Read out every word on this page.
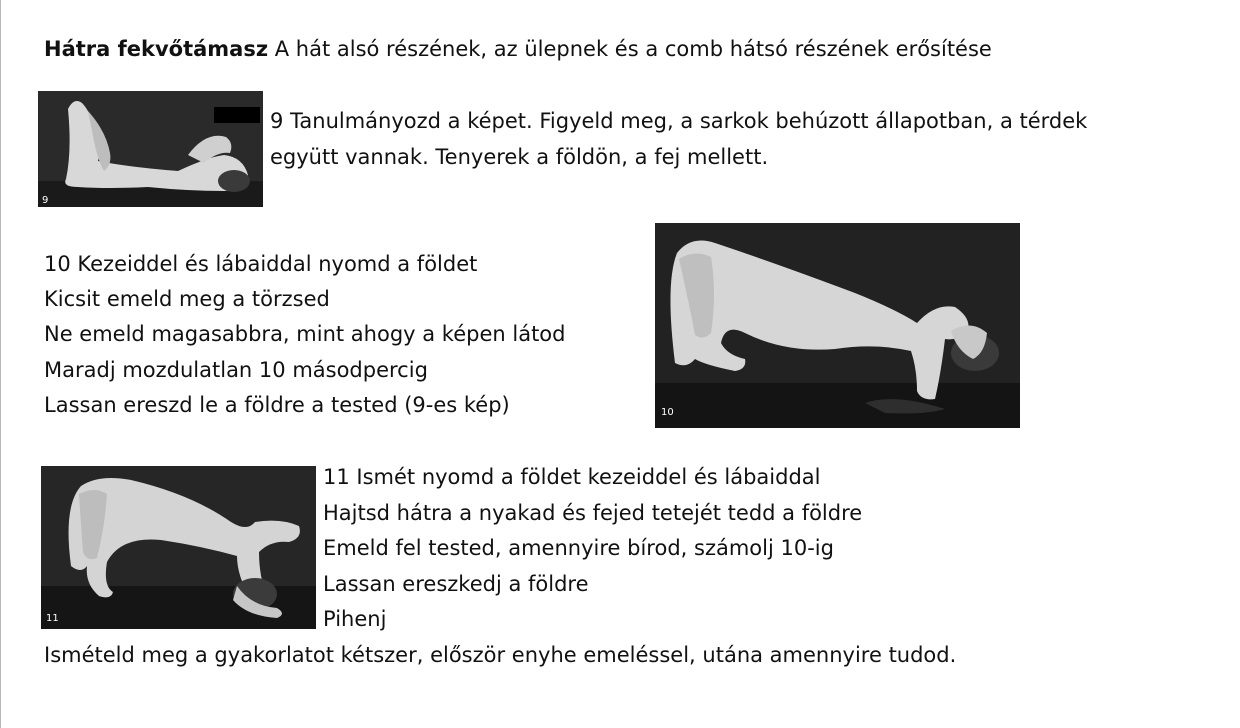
Hátra fekvőtámasz A hát alsó részének, az ülepnek és a comb hátsó részének erősítése
9
9 Tanulmányozd a képet. Figyeld meg, a sarkok behúzott állapotban, a térdek
együtt vannak. Tenyerek a földön, a fej mellett.
10 Kezeiddel és lábaiddal nyomd a földet
Kicsit emeld meg a törzsed
Ne emeld magasabbra, mint ahogy a képen látod
Maradj mozdulatlan 10 másodpercig
Lassan ereszd le a földre a tested (9-es kép)	10
11
11 Ismét nyomd a földet kezeiddel és lábaiddal
Hajtsd hátra a nyakad és fejed tetejét tedd a földre
Emeld fel tested, amennyire bírod, számolj 10-ig
Lassan ereszkedj a földre
Pihenj
Ismételd meg a gyakorlatot kétszer, először enyhe emeléssel, utána amennyire tudod.
